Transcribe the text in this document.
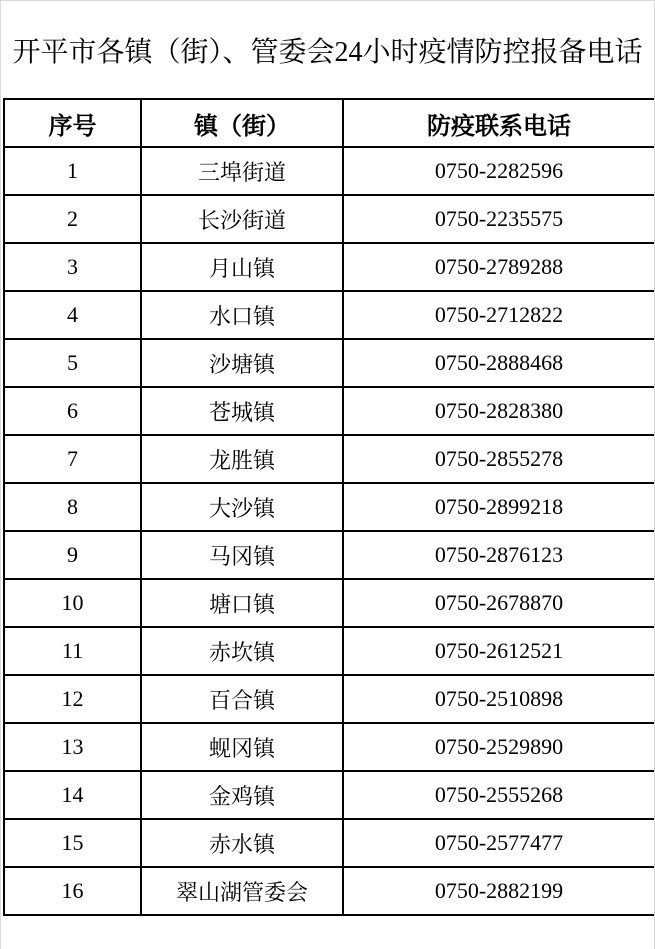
开平市各镇（街）、管委会24小时疫情防控报备电话
序号	镇（街）	防疫联系电话
1	三埠街道	0750-2282596
2	长沙街道	0750-2235575
3	月山镇	0750-2789288
4	水口镇	0750-2712822
5	沙塘镇	0750-2888468
6	苍城镇	0750-2828380
7	龙胜镇	0750-2855278
8	大沙镇	0750-2899218
9	马冈镇	0750-2876123
10	塘口镇	0750-2678870
11	赤坎镇	0750-2612521
12	百合镇	0750-2510898
13	蚬冈镇	0750-2529890
14	金鸡镇	0750-2555268
15	赤水镇	0750-2577477
16	翠山湖管委会	0750-2882199
